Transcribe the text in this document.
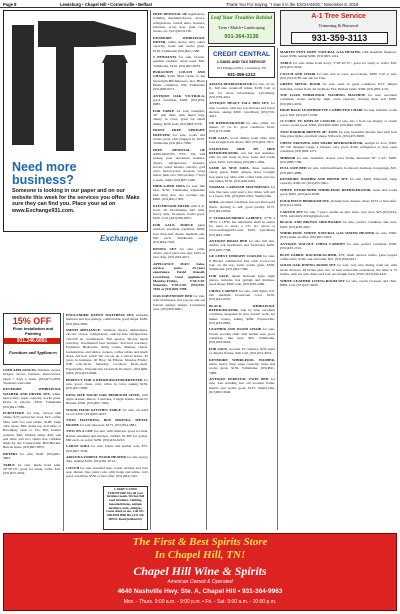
Page 8	Lewisburg • Chapel Hill • Cornersville • Belfast	Thank You For Saying, "I saw it in the EXCHANGE," November 8, 2016
Need more business?
Someone is looking in our paper and on our website this week for the services you offer. Make sure they can find you. Place your ad on www.Exchange931.com.
Exchange
15% OFF
Floor Installation and Painting
931.246.6891
Furniture and Appliances

USED APPLIANCES. Washers, dryers, fridges, stoves, freezers, microwaves. Open 7 days a week. (931)273-4700, Trade-ins welcome!

KENMORE WHIRLPOOL WASHER AND DRYER SET, white, heavy-duty, super capacity, works great. Dryer is electric. $350. Tullahoma (931)841-7986.

FURNITURE for sale, curved side chairs, $15; swivel bar stool, $15; coffee table with two end tables, $100; large curio glass, $60; dome top doll table or Bowlikely chair or 25s, $50; leather recliner, $40; kitchen lamp, $20; oak end table and two chairs live children made by the Cornersville. Bell Buckle. Belvue more. (931)607-8057.

DRYERS for sale, $100. (931)261-3802.

TABLE for sale, made from pine, 29"x9"x5", great for study, crafts, $10. (931)455-3654.

ENGLANDER QUEEN MATTRESS SET, includes mattress and box springs, comfortable, good shape, $180. (931)364-3881.

SMITH APPLIANCE: Washers, dryers, dishwashers, electric stoves, refrigerators, side-by-side refrigerators. 110/220 air conditioners. Full service. 90-day repair warranty. Overhauled best features. Serviced warranty: Furniture: Bedrooms, living rooms, dinettes, chests, bookshelves, end tables, rockers, coffee tables and much more. All bow solid! We cut set up a whole house. 35 years in business. 40 Hwy. 64 Elkton. Monday-Friday: 9:00 a.m.-5p.m. Saturday: Location, 8a.m.-4p.m. Fayetteville, Wayside Inn Livestock Products. (931)468-0202; (931)433-6969.

PERFECT FOR A REFRIGERATOR/FREEZER for sale, good, clean, cold, white in color, asking $150. (931)297-3800.

KING SIZE SOLID OAK BEDROOM SUITE, with triple dresser, mirror, 2 hutches, 2 night stands, made by Bassett, $500. (931)465-7094.

WOOD HAND KITCHEN TABLE for sale, all solid wood, $100. (931)695-4035.

TWIN MATTRESS, BOX SPRINGS, METAL FRAME for sale, like new, $175. (931)364-3881.

TWO ON A COT for sale, with mattress, good for kids, Rattan ornament and kitchen, cabinet, $1,300 for gallon, $60 each, on sofas; $250. (931)434-0223.

LARGE SOFA for sale, fabric and leather sofa, $75. (931)967-3539.

ARIZONA FOREST WOOD HEATER for sale, heavy duty. Asking $100. (931)361-8712.

COUCH for sale, standard size, rocker recliner and love seat, dinner, blue plaid color with beige and white, very good condition, $550 or best offer. (931)364-7427.

FREE REMOVAL OF Appliances, washing machines/dryers, stoves, refrigerators, central units, freezers, batteries, scrap iron, junk cars, trucks, etc. (931)425-9136.

KENMORE WHIRLPOOL DRYER, white, heavy duty, super capacity, looks and works great, $150. Tullahoma (931)841-1586.

5 PENDANTS for sale, bronze, pendant cushion, never used, $20. Tullahoma, $210. (931)461-8233.

BURGUNDY COUCH AND CHAIR, $150; Mail carrier to the Snowlight-Hitchmosse's, nice Black Home condition, $50. Tullahoma (931)368-8271.

ANTIQUE OAK VICTROLA, good condition, $400. (931)359-6985.

FOR TABLE for sale, beautiful, 30" pub table with metal legs, cherry in color, great for small dining, $250 each. (931)808-5378.

FROST FREE UPRIGHT FREEZER for sale, looks and works good, still plugged in, $150. Tullahoma (931)841-7986.

FREE REMOVAL OF APPLIANCES, ETC. We will pickup your unwanted washers, dryers, refrigerators, freezers, stoves, water heaters, electric, golf carts, motorcycles, mowers, scrap metal, junk cars. Will pickup, 7 days a week. Jamie (931)607-1046.

HIDE-A-BED SOFA for sale, like new, $150. Tullahoma adjustable bed, king size, two recliner top, $400. (931)461-7303.

KITCHENAID MIXER with 6 qt. bowl, all attachments, $25 with, heavy duty, 10-speed, works good, $100. Call, (931)580-2003.

FOR SALE, MAPLE glass window, excellent condition, $200; four drop-leaf chairs, medium oak, $20 each. Tullahoma area. (931)994-7643.

DINING SET for sale, table, chairs, and 2 piece one spot, $225 or best offer, (931)433-4671.

APPLIANCE MAN: Sales, service, parts. 25-years experience. David Russell, Lewisburg. Used appliances! Monday-Friday, 9:30-5:30. Saturday, 9:30-2:00. (931)359-7816 or (931)639-7589.

OAK DAVENPORT BED for sale, with mattresses, has pop up and out bottom springs design, Lewisburg area. (931)360-6961.

Leaf Your Troubles Behind
Trees • Mulch • Landscaping
931-364-3136
CREDIT CENTRAL
LOANS AND TAX SERVICE
914 Ellington Hwy., Lewisburg, TN
931-359-1212

AMANA REFRIGERATOR for sale, 22 cu. ft., full size cream/off white, $138. Call or text for more information, Lynchburg. (931)759-4021.

ANTIQUE HEAVY TALL BED SET, for sale, wooden, with two top drawers and lower shelves, asking $300. Lynchburg (931)759-4021.

GE REFRIGERATOR for sale, white, ice maker, 17 cu. ft., great condition, $150. (931)273-4399.

FOR SALE, wood dining room table with four straight back chairs, $65. (931)691-7811.

STAINLESS SIDE BY SIDE REFRIGERATOR, wet bar and stainless, with ice and water in door, looks and works good, $250. Lynchburg (931)801-1064.

SAME AS NEW SOFA, three cushions, celery green, $300; antique brass wrought iron glass top table with coffee table and two end tables, $150. (931)246-0292.

NORMAL CARWASH MATTRESSES for sale, like new, only used a few times, will sell to a buyer, $70. (931)629-3301, Shelbyville.

SOFA, excellent condition, has not been used much, moving to sell, good quality, $175. (931)691-6052.

5' STORAGE/MEDIA CABINET, 27"H x 38"W x 18"D, has adjustable shelf in center for used to store, a TV, etc. photo at www.exchange931.com, $100, Lynchburg (931)845-1960.

ANTIQUE BRASS BED for sale, full size, double oak headboard and footboard, $250. (931)205-7798.

GE CHEST UPRIGHT COOLER for sale, 8 Bucket commercial fine with Coca-Cola logo on the top, looks works great, $300. Tullahoma. (931)302-7366.

FOR SALE, queen bedroom suite, eight pieces, includes box springs and mattress, good shape, $300 cash. (931)939-2266.

CHINA CABINET for sale, with lights, 6'4" tall, medium brown/oak color, $130. (931)222-0055.

BLACK WHIRLPOOL REFRIGERATOR, side by side, excellent condition, dispenser in door doesn't work, ice maker works, asking $200. Fayetteville. (931)433-0881.

LEATHER AND WOOD CHAIR for sale, brown wooden chair with leather seat, good condition, like new, $65. Tullahoma. (931)393-9018.

FOR SALE, wooden TV armoire, fifth stand or display fixture, $40. Call, (931)253-4074.

KENMORE WHIRLPOOL WASHER, white, heavy duty, super capacity, looks and works great, $150. Tullahoma. (931)841-7986.

ANTIQUE PEDESTAL TWIN BED for sale, free standing has old wooden frame, mantle and works good, $125. Shelbyville. (615)693-3646.

A-1 Tree Service
Trimming & Removal
931-359-3113

MARTIN VENT FREE NATURAL GAS HEATER, with beautiful fireplace, tested $350, asking $200. (931)903-1414.

TABLE for sale, made from dowy, 3"x8"x6"x5", great for study or crafts, $10. (931)455-3654.

COUCH AND CHAIR for sale, teal in color, good shape, $400. Call or text, (931)703-9785 and ask for Tina.

GREEN METAL DOOR for sale, steel, in great condition, 6'x3', hinges included, comes from old Jackbase Fire, Belfast lands, $300. (931)993-4131.

TOP LOAD WHIRLPOOL WASHING MACHINE for sale, excellent condition, works perfectly, high, extra capacity, moving must sell, $200. (931)691-4052.

HIGH BACK LEATHERETTE COMPUTER CHAIR for sale, metallic, looks good, $10. (931)227-2209.

12 CUBIC FT. DISPLAY COOLER for sale, has a front top display or cream cooler, works good, $300. (931)695-6495 (931)842-5290.

TWO HARBOR BREEZE 48" FANS for sale, beautiful chrome fans with four blue glass lights, excellent shape, $30 each. (931)455-8208.

CHEST FREEZER AND SHARP REFRIGERATOR, upright in door, $300, 30" GE designer range, 4 burners, very good, $100, refrigerator or door open condition, (931)839-1271.

MIRROR for sale, beautiful, bronze color frame, measures 30" x 42", $200. (931)388-7780.

FULL SIZE BED for sale, with headboard, footboard, mattress, boxsprings, $50. (931)607-4880.

KENMORE WASHER AND DRYER SET for sale, $300, Ellsworth, large capacity, $300 all. (931)455-3661.

WHITE OVERUNDER WHIRLPOOL REFRIGERATOR, looks and works good, $200. (931)422-9228.

FOUR PIECE BEDROOM SET, includes bed, dresser, chest, $275 or best offer. (931)212-6610.

CARVED SET for sale, 7 piece candle set plus plate, very nice, $25 (931)334-5679. ladydolly:2019@gmail.com

BLACK AND BROWN SIDE-BOARD for sale, perfect condition, like new, $450. (931)638-4947.

WHIRLPOOL WHITE NATURAL GAS WATER HEATER for sale, $300. (931) make an offer, (931)607-2203.

ANTIQUE WALNUT CHINA CABINET for sale, perfect condition, $300. (931)433-1191.

BLUE FABRIC ROCKER/GLIDER, $79; small outdoor tables, glass topped coffee table, $100, oak end table, $25. (931)359-6611.

SOLID OAK DINING ROOM SET for sale, very nice dining room set, with seven drawers, 48 inches plus two 12 inch removable extensions, the table is 72 inches, with six arm chairs and four six straight back, $700. (615)390-4431.

WHITE LEATHER LIVING ROOM SET for sale, couch, loveseat, and chair, $999. Call, (931)227-6026.

LARRY'S USED FURNITURE buy all your furniture needs. We buy/Sell used furniture. Clothing, household items, antique furniture, tools, antiques, Come check us out. Call 931-698-8700 9060 Hwy.431 OR MENC Road (behind Dry
The First & Best Spirits Store
In Chapel Hill, TN!
Chapel Hill Wine & Spirits
American Owned & Operated
4640 Nashville Hwy. Ste. A, Chapel Hill • 931-364-9963
Mon. - Thurs. 9:00 a.m. - 9:00 p.m. • Fri. - Sat. 9:00 a.m. - 10:00 p.m.
